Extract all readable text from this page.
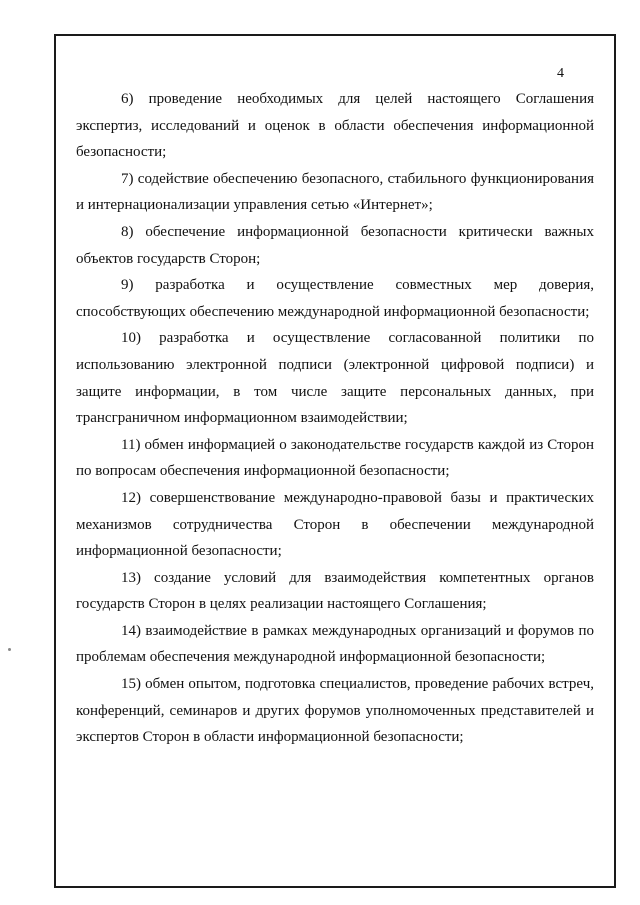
4

6) проведение необходимых для целей настоящего Соглашения экспертиз, исследований и оценок в области обеспечения информационной безопасности;

7) содействие обеспечению безопасного, стабильного функционирования и интернационализации управления сетью «Интернет»;

8) обеспечение информационной безопасности критически важных объектов государств Сторон;

9) разработка и осуществление совместных мер доверия, способствующих обеспечению международной информационной безопасности;

10) разработка и осуществление согласованной политики по использованию электронной подписи (электронной цифровой подписи) и защите информации, в том числе защите персональных данных, при трансграничном информационном взаимодействии;

11) обмен информацией о законодательстве государств каждой из Сторон по вопросам обеспечения информационной безопасности;

12) совершенствование международно-правовой базы и практических механизмов сотрудничества Сторон в обеспечении международной информационной безопасности;

13) создание условий для взаимодействия компетентных органов государств Сторон в целях реализации настоящего Соглашения;

14) взаимодействие в рамках международных организаций и форумов по проблемам обеспечения международной информационной безопасности;

15) обмен опытом, подготовка специалистов, проведение рабочих встреч, конференций, семинаров и других форумов уполномоченных представителей и экспертов Сторон в области информационной безопасности;
